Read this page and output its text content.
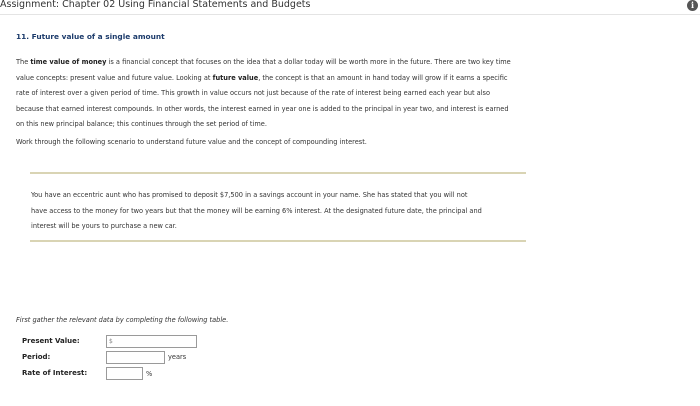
Assignment: Chapter 02 Using Financial Statements and Budgets	i
11. Future value of a single amount
The time value of money is a financial concept that focuses on the idea that a dollar today will be worth more in the future. There are two key time
value concepts: present value and future value. Looking at future value, the concept is that an amount in hand today will grow if it earns a specific
rate of interest over a given period of time. This growth in value occurs not just because of the rate of interest being earned each year but also
because that earned interest compounds. In other words, the interest earned in year one is added to the principal in year two, and interest is earned
on this new principal balance; this continues through the set period of time.
Work through the following scenario to understand future value and the concept of compounding interest.
You have an eccentric aunt who has promised to deposit $7,500 in a savings account in your name. She has stated that you will not
have access to the money for two years but that the money will be earning 6% interest. At the designated future date, the principal and
interest will be yours to purchase a new car.
First gather the relevant data by completing the following table.
Present Value:	$
Period:	years
Rate of Interest:	%
